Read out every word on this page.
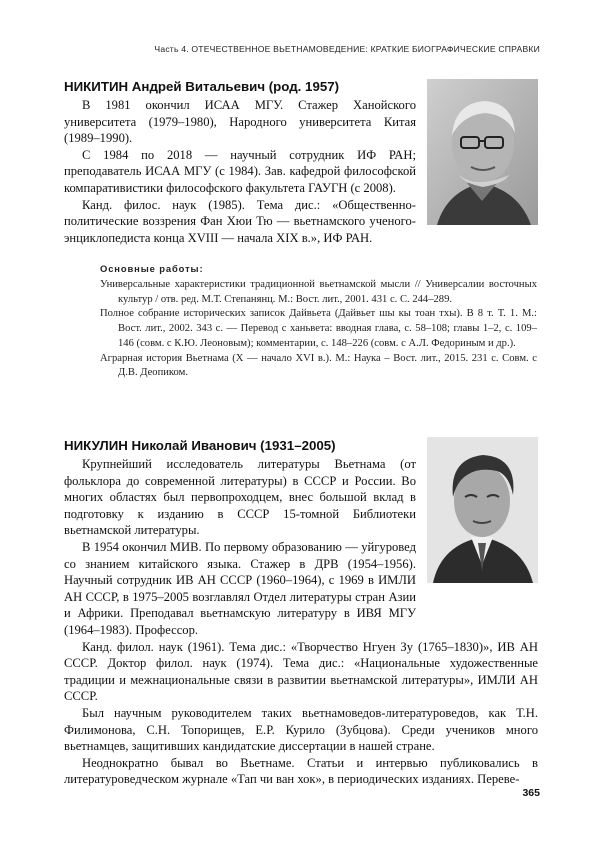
Часть 4. ОТЕЧЕСТВЕННОЕ ВЬЕТНАМОВЕДЕНИЕ: КРАТКИЕ БИОГРАФИЧЕСКИЕ СПРАВКИ
НИКИТИН Андрей Витальевич (род. 1957)

В 1981 окончил ИСАА МГУ. Стажер Ханойского университета (1979–1980), Народного университета Китая (1989–1990).

С 1984 по 2018 — научный сотрудник ИФ РАН; преподаватель ИСАА МГУ (с 1984). Зав. кафедрой философской компаративистики философского факультета ГАУГН (с 2008).

Канд. филос. наук (1985). Тема дис.: «Общественно-политические воззрения Фан Хюи Тю — вьетнамского ученого-энциклопедиста конца XVIII — начала XIX в.», ИФ РАН.

Основные работы:

Универсальные характеристики традиционной вьетнамской мысли // Универсалии восточных культур / отв. ред. М.Т. Степанянц. М.: Вост. лит., 2001. 431 с. С. 244–289.

Полное собрание исторических записок Дайвьета (Дайвьет шы кы тоан тхы). В 8 т. Т. 1. М.: Вост. лит., 2002. 343 с. — Перевод с ханьвета: вводная глава, с. 58–108; главы 1–2, с. 109–146 (совм. с К.Ю. Леоновым); комментарии, с. 148–226 (совм. с А.Л. Федориным и др.).

Аграрная история Вьетнама (X — начало XVI в.). М.: Наука – Вост. лит., 2015. 231 с. Совм. с Д.В. Деопиком.

НИКУЛИН Николай Иванович (1931–2005)

Крупнейший исследователь литературы Вьетнама (от фольклора до современной литературы) в СССР и России. Во многих областях был первопроходцем, внес большой вклад в подготовку к изданию в СССР 15-томной Библиотеки вьетнамской литературы.

В 1954 окончил МИВ. По первому образованию — уйгуровед со знанием китайского языка. Стажер в ДРВ (1954–1956). Научный сотрудник ИВ АН СССР (1960–1964), с 1969 в ИМЛИ АН СССР, в 1975–2005 возглавлял Отдел литературы стран Азии и Африки. Преподавал вьетнамскую литературу в ИВЯ МГУ (1964–1983). Профессор.

Канд. филол. наук (1961). Тема дис.: «Творчество Нгуен Зу (1765–1830)», ИВ АН СССР. Доктор филол. наук (1974). Тема дис.: «Национальные художественные традиции и межнациональные связи в развитии вьетнамской литературы», ИМЛИ АН СССР.

Был научным руководителем таких вьетнамоведов-литературоведов, как Т.Н. Филимонова, С.Н. Топорищев, Е.Р. Курило (Зубцова). Среди учеников много вьетнамцев, защитивших кандидатские диссертации в нашей стране.

Неоднократно бывал во Вьетнаме. Статьи и интервью публиковались в литературоведческом журнале «Тап чи ван хок», в периодических изданиях. Переве-

365
